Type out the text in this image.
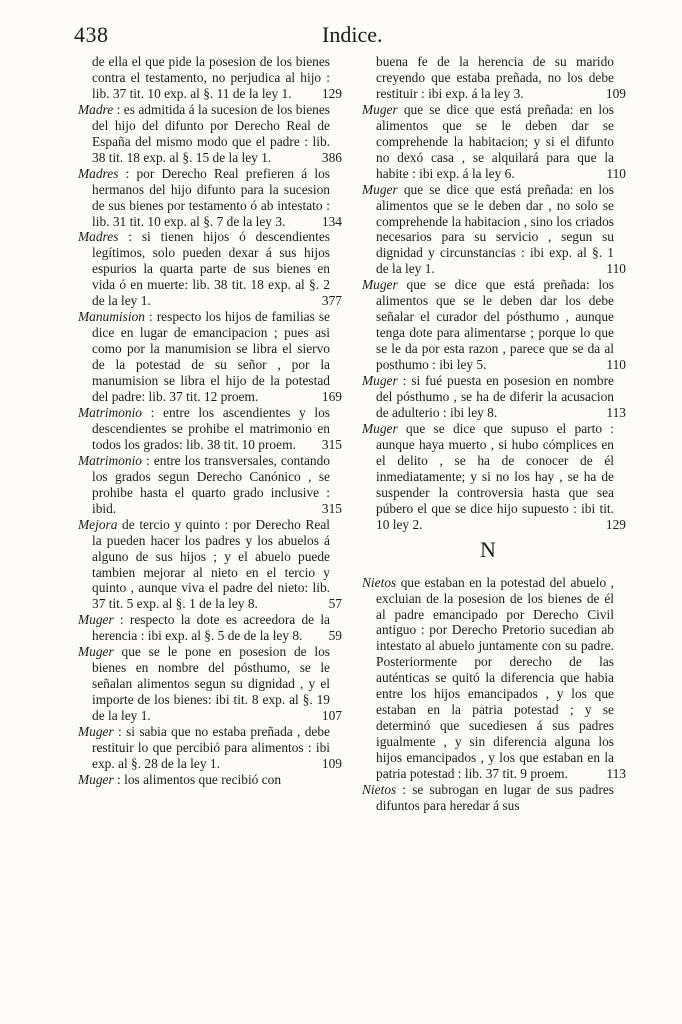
438	Indice.
de ella el que pide la posesion de los bienes contra el testamento, no perjudica al hijo : lib. 37 tit. 10 exp. al §. 11 de la ley 1. 129
Madre : es admitida á la sucesion de los bienes del hijo del difunto por Derecho Real de España del mismo modo que el padre : lib. 38 tit. 18 exp. al §. 15 de la ley 1.	386
Madres : por Derecho Real prefieren á los hermanos del hijo difunto para la sucesion de sus bienes por testamento ó ab intestato : lib. 31 tit. 10 exp. al §. 7 de la ley 3.	134
Madres : si tienen hijos ó descendientes legítimos, solo pueden dexar á sus hijos espurios la quarta parte de sus bienes en vida ó en muerte: lib. 38 tit. 18 exp. al §. 2 de la ley 1.	377
Manumision : respecto los hijos de familias se dice en lugar de emancipacion ; pues asi como por la manumision se libra el siervo de la potestad de su señor , por la manumision se libra el hijo de la potestad del padre: lib. 37 tit. 12 proem.	169
Matrimonio : entre los ascendientes y los descendientes se prohibe el matrimonio en todos los grados: lib. 38 tit. 10 proem. 315
Matrimonio : entre los transversales, contando los grados segun Derecho Canónico , se prohibe hasta el quarto grado inclusive : ibid.	315
Mejora de tercio y quinto : por Derecho Real la pueden hacer los padres y los abuelos á alguno de sus hijos ; y el abuelo puede tambien mejorar al nieto en el tercio y quinto , aunque viva el padre del nieto: lib. 37 tit. 5 exp. al §. 1 de la ley 8.	57
Muger : respecto la dote es acreedora de la herencia : ibi exp. al §. 5 de de la ley 8. 59
Muger que se le pone en posesion de los bienes en nombre del pósthumo, se le señalan alimentos segun su dignidad , y el importe de los bienes: ibi tit. 8 exp. al §. 19 de la ley 1.	107
Muger : si sabia que no estaba preñada , debe restituir lo que percibió para alimentos : ibi exp. al §. 28 de la ley 1.	109
Muger : los alimentos que recibió con
buena fe de la herencia de su marido creyendo que estaba preñada, no los debe restituir : ibi exp. á la ley 3.	109
Muger que se dice que está preñada: en los alimentos que se le deben dar se comprehende la habitacion; y si el difunto no dexó casa , se alquilará para que la habite : ibi exp. á la ley 6.	110
Muger que se dice que está preñada: en los alimentos que se le deben dar , no solo se comprehende la habitacion , sino los criados necesarios para su servicio , segun su dignidad y circunstancias : ibi exp. al §. 1 de la ley 1.	110
Muger que se dice que está preñada: los alimentos que se le deben dar los debe señalar el curador del pósthumo , aunque tenga dote para alimentarse ; porque lo que se le da por esta razon , parece que se da al posthumo : ibi ley 5.	110
Muger : si fué puesta en posesion en nombre del pósthumo , se ha de diferir la acusacion de adulterio : ibi ley 8.	113
Muger que se dice que supuso el parto : aunque haya muerto , si hubo cómplices en el delito , se ha de conocer de él inmediatamente; y si no los hay , se ha de suspender la controversia hasta que sea púbero el que se dice hijo supuesto : ibi tit. 10 ley 2.	129
N
Nietos que estaban en la potestad del abuelo , excluian de la posesion de los bienes de él al padre emancipado por Derecho Civil antiguo : por Derecho Pretorio sucedian ab intestato al abuelo juntamente con su padre. Posteriormente por derecho de las auténticas se quitó la diferencia que habia entre los hijos emancipados , y los que estaban en la patria potestad ; y se determinó que sucediesen á sus padres igualmente , y sin diferencia alguna los hijos emancipados , y los que estaban en la patria potestad : lib. 37 tit. 9 proem.	113
Nietos : se subrogan en lugar de sus padres difuntos para heredar á sus
